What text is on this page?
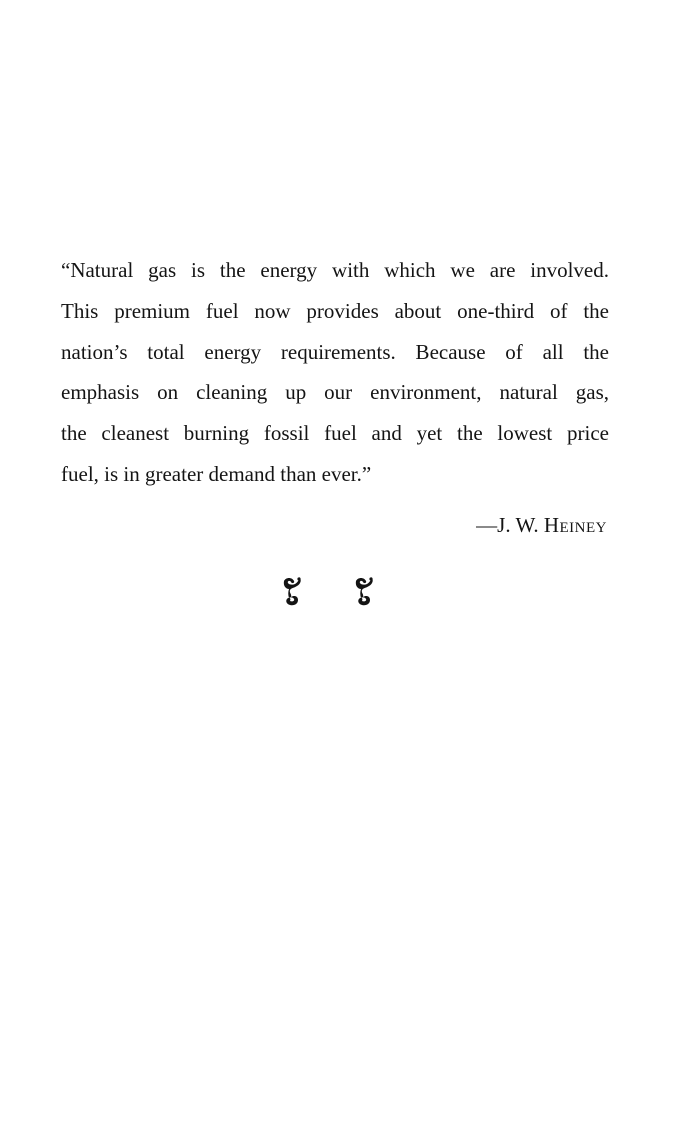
“Natural gas is the energy with which we are involved.
This premium fuel now provides about one-third of the
nation’s total energy requirements. Because of all the
emphasis on cleaning up our environment, natural gas,
the cleanest burning fossil fuel and yet the lowest price
fuel, is in greater demand than ever.”
—J. W. Heiney
